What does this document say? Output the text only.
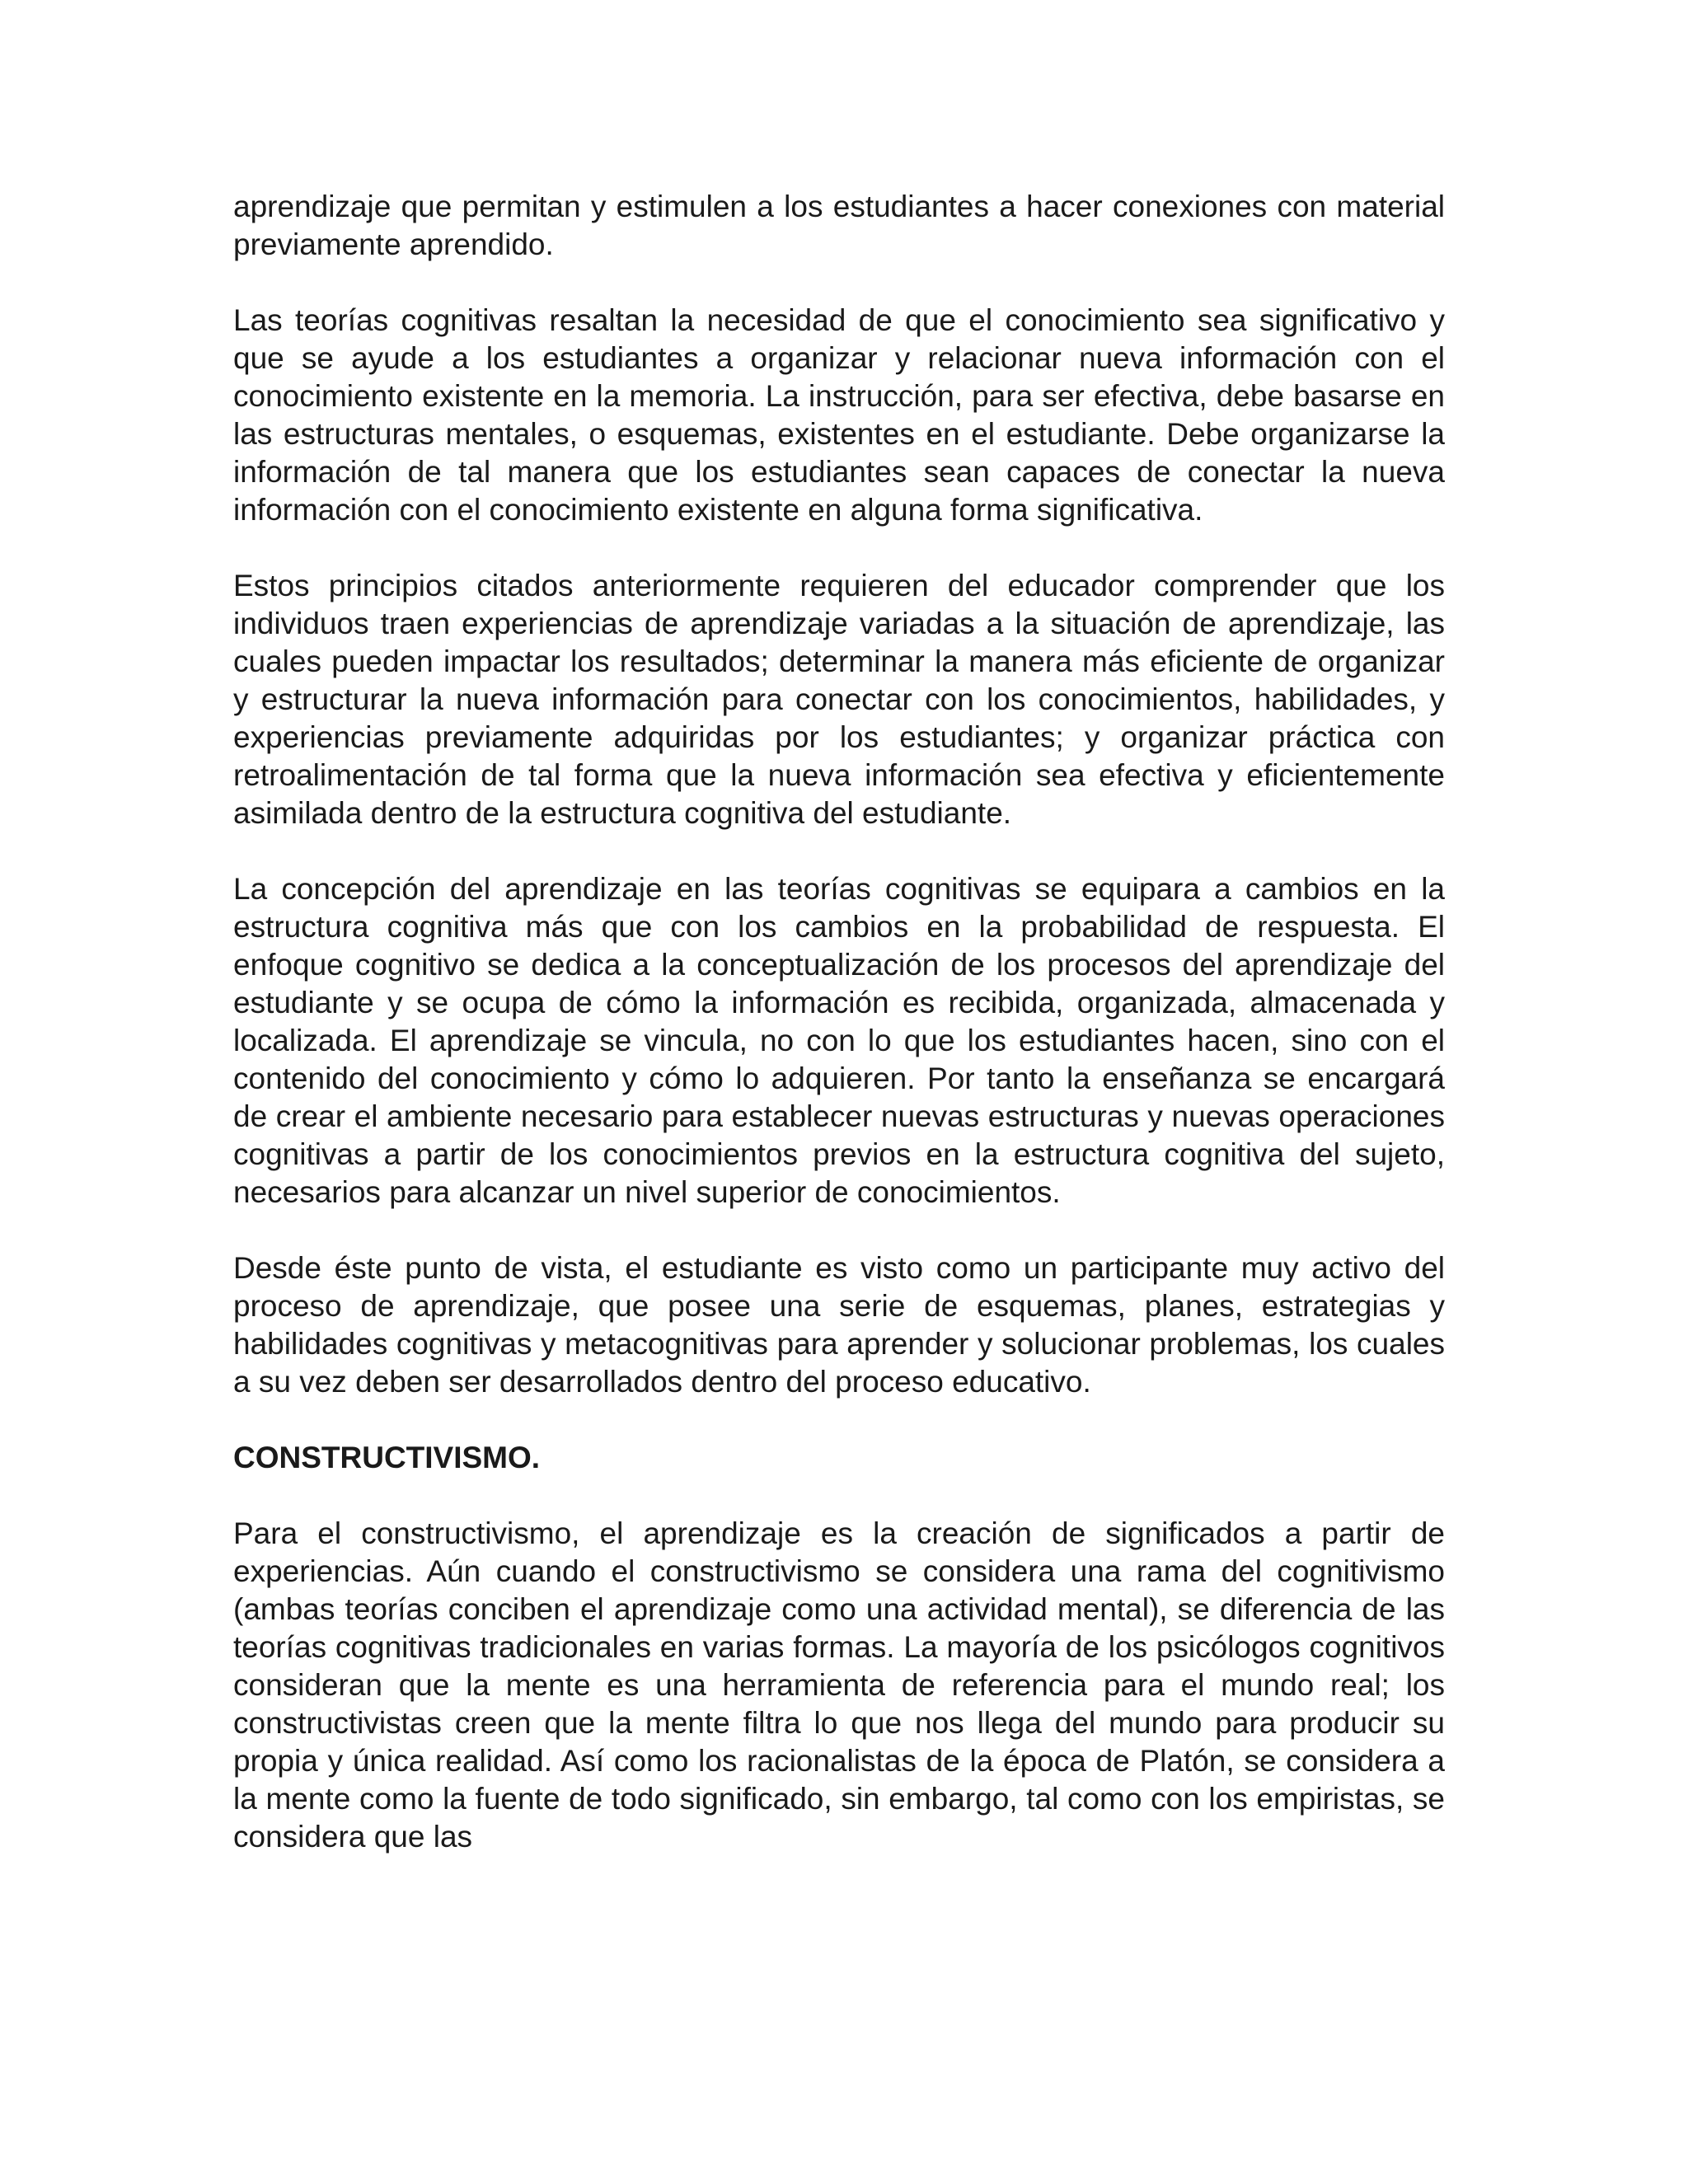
aprendizaje que permitan y estimulen a los estudiantes a hacer conexiones con material previamente aprendido.

Las teorías cognitivas resaltan la necesidad de que el conocimiento sea significativo y que se ayude a los estudiantes a organizar y relacionar nueva información con el conocimiento existente en la memoria. La instrucción, para ser efectiva, debe basarse en las estructuras mentales, o esquemas, existentes en el estudiante. Debe organizarse la información de tal manera que los estudiantes sean capaces de conectar la nueva información con el conocimiento existente en alguna forma significativa.

Estos principios citados anteriormente requieren del educador comprender que los individuos traen experiencias de aprendizaje variadas a la situación de aprendizaje, las cuales pueden impactar los resultados; determinar la manera más eficiente de organizar y estructurar la nueva información para conectar con los conocimientos, habilidades, y experiencias previamente adquiridas por los estudiantes; y organizar práctica con retroalimentación de tal forma que la nueva información sea efectiva y eficientemente asimilada dentro de la estructura cognitiva del estudiante.

La concepción del aprendizaje en las teorías cognitivas se equipara a cambios en la estructura cognitiva más que con los cambios en la probabilidad de respuesta. El enfoque cognitivo se dedica a la conceptualización de los procesos del aprendizaje del estudiante y se ocupa de cómo la información es recibida, organizada, almacenada y localizada. El aprendizaje se vincula, no con lo que los estudiantes hacen, sino con el contenido del conocimiento y cómo lo adquieren. Por tanto la enseñanza se encargará de crear el ambiente necesario para establecer nuevas estructuras y nuevas operaciones cognitivas a partir de los conocimientos previos en la estructura cognitiva del sujeto, necesarios para alcanzar un nivel superior de conocimientos.

Desde éste punto de vista, el estudiante es visto como un participante muy activo del proceso de aprendizaje, que posee una serie de esquemas, planes, estrategias y habilidades cognitivas y metacognitivas para aprender y solucionar problemas, los cuales a su vez deben ser desarrollados dentro del proceso educativo.

CONSTRUCTIVISMO.

Para el constructivismo, el aprendizaje es la creación de significados a partir de experiencias. Aún cuando el constructivismo se considera una rama del cognitivismo (ambas teorías conciben el aprendizaje como una actividad mental), se diferencia de las teorías cognitivas tradicionales en varias formas. La mayoría de los psicólogos cognitivos consideran que la mente es una herramienta de referencia para el mundo real; los constructivistas creen que la mente filtra lo que nos llega del mundo para producir su propia y única realidad. Así como los racionalistas de la época de Platón, se considera a la mente como la fuente de todo significado, sin embargo, tal como con los empiristas, se considera que las
